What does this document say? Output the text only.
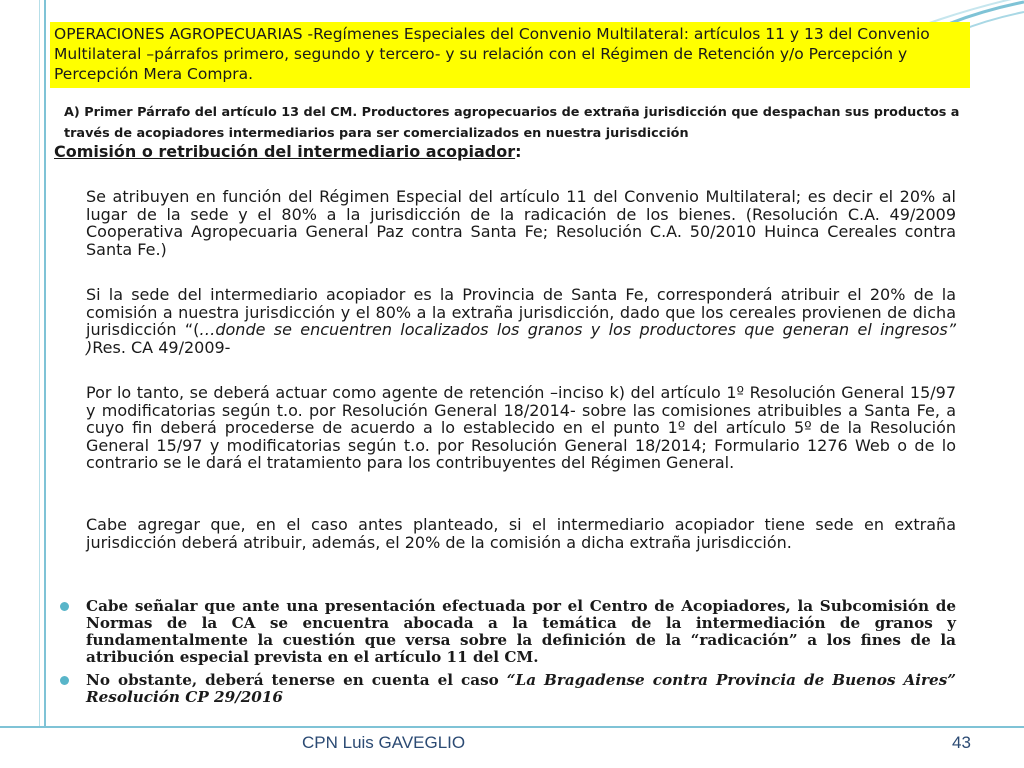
OPERACIONES AGROPECUARIAS -Regímenes Especiales del Convenio Multilateral: artículos 11 y 13 del Convenio Multilateral –párrafos primero, segundo y tercero- y su relación con el Régimen de Retención y/o Percepción y Percepción Mera Compra.
A) Primer Párrafo del artículo 13 del CM. Productores agropecuarios de extraña jurisdicción que despachan sus productos a través de acopiadores intermediarios para ser comercializados en nuestra jurisdicción
Comisión o retribución del intermediario acopiador:
Se atribuyen en función del Régimen Especial del artículo 11 del Convenio Multilateral; es decir el 20% al lugar de la sede y el 80% a la jurisdicción de la radicación de los bienes. (Resolución C.A. 49/2009 Cooperativa Agropecuaria General Paz contra Santa Fe; Resolución C.A. 50/2010 Huinca Cereales contra Santa Fe.)
Si la sede del intermediario acopiador es la Provincia de Santa Fe, corresponderá atribuir el 20% de la comisión a nuestra jurisdicción y el 80% a la extraña jurisdicción, dado que los cereales provienen de dicha jurisdicción “(…donde se encuentren localizados los granos y los productores que generan el ingresos” )Res. CA 49/2009-
Por lo tanto, se deberá actuar como agente de retención –inciso k) del artículo 1º Resolución General 15/97 y modificatorias según t.o. por Resolución General 18/2014- sobre las comisiones atribuibles a Santa Fe, a cuyo fin deberá procederse de acuerdo a lo establecido en el punto 1º del artículo 5º de la Resolución General 15/97 y modificatorias según t.o. por Resolución General 18/2014; Formulario 1276 Web o de lo contrario se le dará el tratamiento para los contribuyentes del Régimen General.
Cabe agregar que, en el caso antes planteado, si el intermediario acopiador tiene sede en extraña jurisdicción deberá atribuir, además, el 20% de la comisión a dicha extraña jurisdicción.
Cabe señalar que ante una presentación efectuada por el Centro de Acopiadores, la Subcomisión de Normas de la CA se encuentra abocada a la temática de la intermediación de granos y fundamentalmente la cuestión que versa sobre la definición de la “radicación” a los fines de la atribución especial prevista en el artículo 11 del CM.
No obstante, deberá tenerse en cuenta el caso “La Bragadense contra Provincia de Buenos Aires” Resolución CP 29/2016
CPN Luis GAVEGLIO	43
